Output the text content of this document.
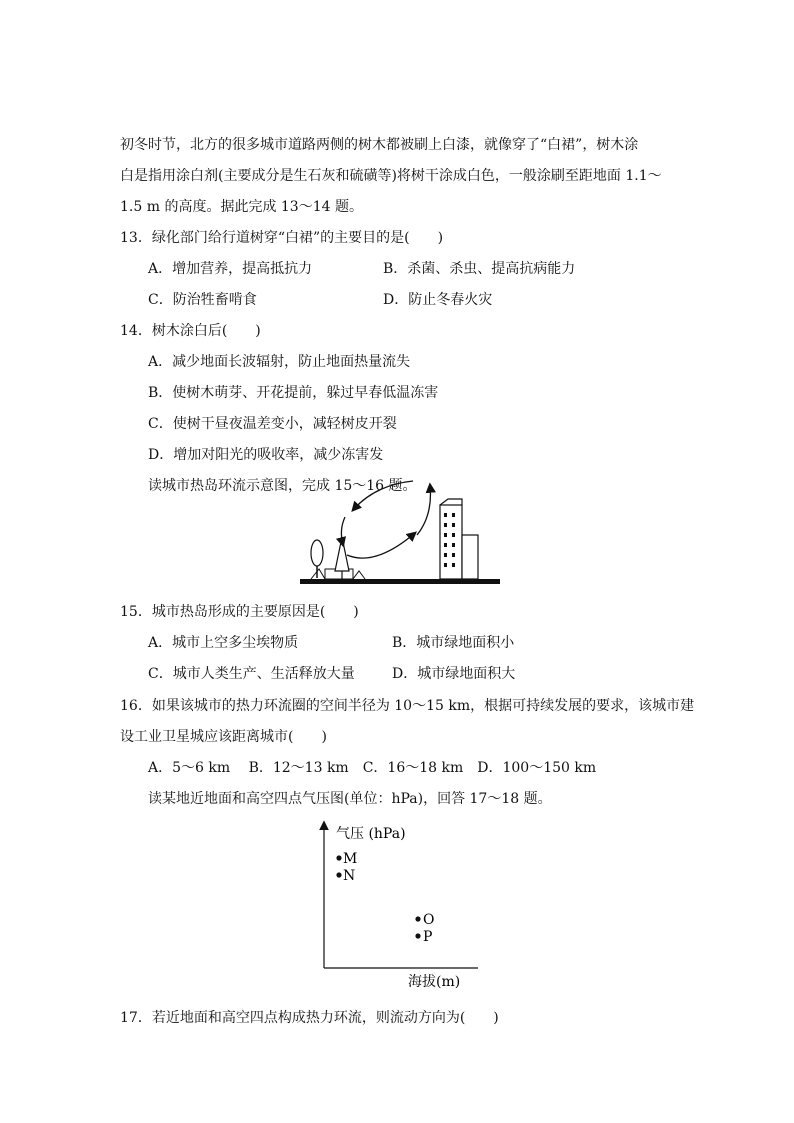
初冬时节，北方的很多城市道路两侧的树木都被刷上白漆，就像穿了“白裙”，树木涂
白是指用涂白剂(主要成分是生石灰和硫磺等)将树干涂成白色，一般涂刷至距地面 1.1～
1.5 m 的高度。据此完成 13～14 题。
13．绿化部门给行道树穿“白裙”的主要目的是(　　)
A．增加营养，提高抵抗力	B．杀菌、杀虫、提高抗病能力
C．防治牲畜啃食	D．防止冬春火灾
14．树木涂白后(　　)
A．减少地面长波辐射，防止地面热量流失
B．使树木萌芽、开花提前，躲过早春低温冻害
C．使树干昼夜温差变小，减轻树皮开裂
D．增加对阳光的吸收率，减少冻害发
读城市热岛环流示意图，完成 15～16 题。
15．城市热岛形成的主要原因是(　　)
A．城市上空多尘埃物质	B．城市绿地面积小
C．城市人类生产、生活释放大量	D．城市绿地面积大
16．如果该城市的热力环流圈的空间半径为 10～15 km，根据可持续发展的要求，该城市建
设工业卫星城应该距离城市(　　)
A．5～6 km　 B．12～13 km　C．16～18 km　D．100～150 km
读某地近地面和高空四点气压图(单位：hPa)，回答 17～18 题。
气压 (hPa)
海拔(m)
M
N
O
P
17．若近地面和高空四点构成热力环流，则流动方向为(　　)
